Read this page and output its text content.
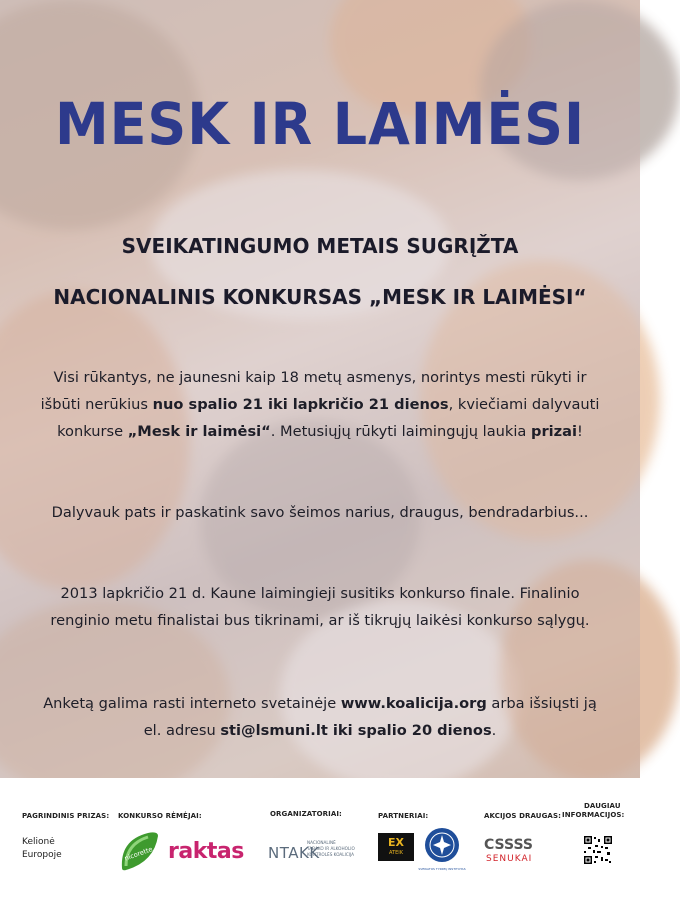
MESK IR LAIMĖSI
SVEIKATINGUMO METAIS SUGRĮŽTA
NACIONALINIS KONKURSAS „MESK IR LAIMĖSI“
Visi rūkantys, ne jaunesni kaip 18 metų asmenys, norintys mesti rūkyti ir
išbūti nerūkius nuo spalio 21 iki lapkričio 21 dienos, kviečiami dalyvauti
konkurse „Mesk ir laimėsi“. Metusiųjų rūkyti laimingųjų laukia prizai!
Dalyvauk pats ir paskatink savo šeimos narius, draugus, bendradarbius...
2013 lapkričio 21 d. Kaune laimingieji susitiks konkurso finale. Finalinio
renginio metu finalistai bus tikrinami, ar iš tikrųjų laikėsi konkurso sąlygų.
Anketą galima rasti interneto svetainėje www.koalicija.org arba išsiųsti ją
el. adresu sti@lsmuni.lt iki spalio 20 dienos.
PAGRINDINIS PRIZAS: KONKURSO RĖMĖJAI:	ORGANIZATORIAI:	PARTNERIAI:	AKCIJOS DRAUGAS:
DAUGIAU
INFORMACIJOS:
Kelionė
Europoje	nicorette raktas NTAKK
NACIONALINĖ
TABAKO IR ALKOHOLIO
KONTROLĖS KOALICIJA
EX
ATEIK
SVEIKATOS TYRIMŲ INSTITUTAS
CSSSS
SENUKAI
